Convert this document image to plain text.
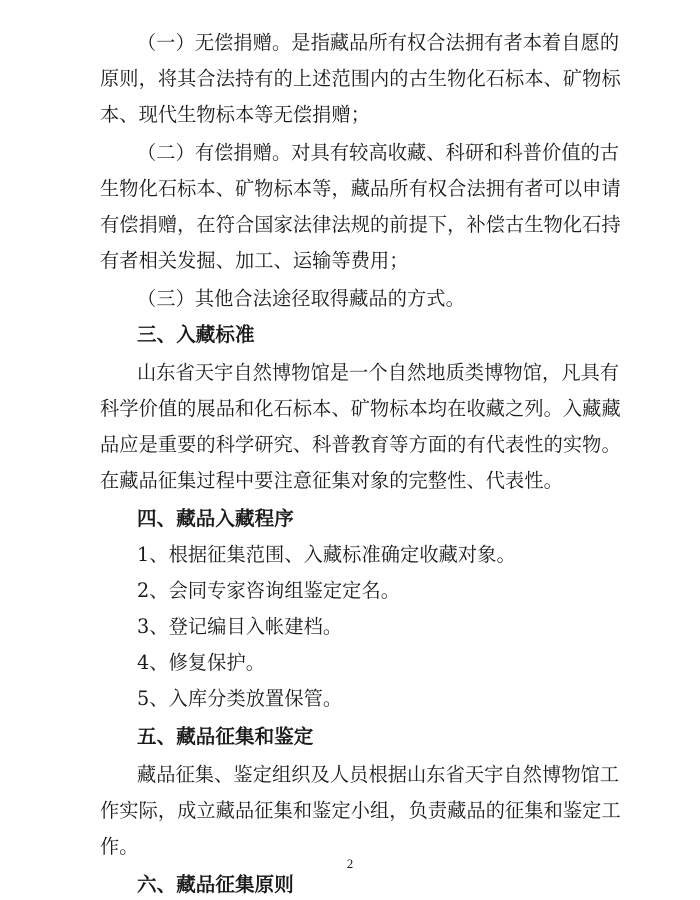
（一）无偿捐赠。是指藏品所有权合法拥有者本着自愿的
原则，将其合法持有的上述范围内的古生物化石标本、矿物标
本、现代生物标本等无偿捐赠；
（二）有偿捐赠。对具有较高收藏、科研和科普价值的古
生物化石标本、矿物标本等，藏品所有权合法拥有者可以申请
有偿捐赠，在符合国家法律法规的前提下，补偿古生物化石持
有者相关发掘、加工、运输等费用；
（三）其他合法途径取得藏品的方式。
三、入藏标准
山东省天宇自然博物馆是一个自然地质类博物馆，凡具有
科学价值的展品和化石标本、矿物标本均在收藏之列。入藏藏
品应是重要的科学研究、科普教育等方面的有代表性的实物。
在藏品征集过程中要注意征集对象的完整性、代表性。
四、藏品入藏程序
1、根据征集范围、入藏标准确定收藏对象。
2、会同专家咨询组鉴定定名。
3、登记编目入帐建档。
4、修复保护。
5、入库分类放置保管。
五、藏品征集和鉴定
藏品征集、鉴定组织及人员根据山东省天宇自然博物馆工
作实际，成立藏品征集和鉴定小组，负责藏品的征集和鉴定工
作。
六、藏品征集原则
2
